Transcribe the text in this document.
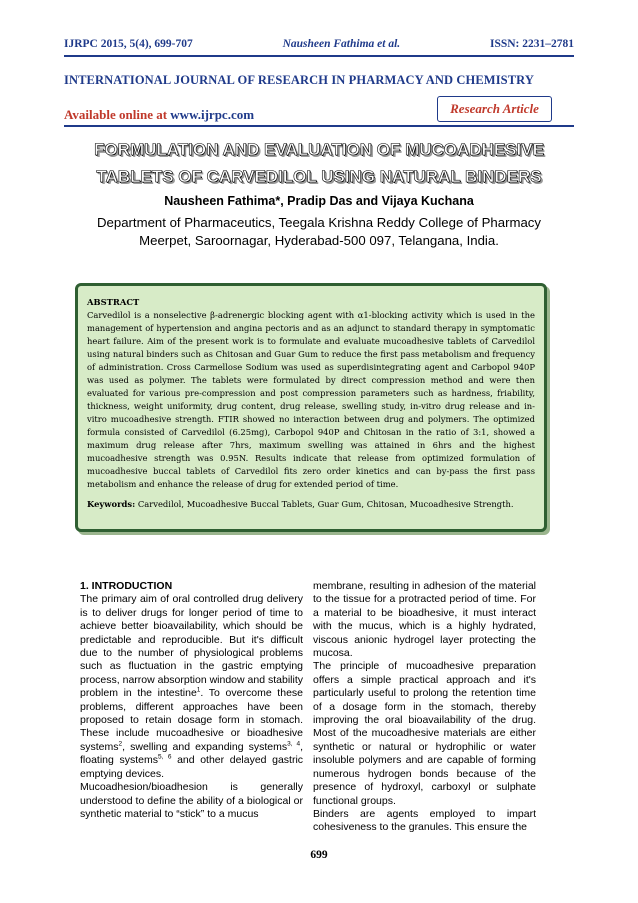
IJRPC 2015, 5(4), 699-707	Nausheen Fathima et al.	ISSN: 2231–2781
INTERNATIONAL JOURNAL OF RESEARCH IN PHARMACY AND CHEMISTRY
Available online at www.ijrpc.com	Research Article
FORMULATION AND EVALUATION OF MUCOADHESIVE
TABLETS OF CARVEDILOL USING NATURAL BINDERS
Nausheen Fathima*, Pradip Das and Vijaya Kuchana
Department of Pharmaceutics, Teegala Krishna Reddy College of Pharmacy
Meerpet, Saroornagar, Hyderabad-500 097, Telangana, India.
ABSTRACT
Carvedilol is a nonselective β-adrenergic blocking agent with α1-blocking activity which is used in the management of hypertension and angina pectoris and as an adjunct to standard therapy in symptomatic heart failure. Aim of the present work is to formulate and evaluate mucoadhesive tablets of Carvedilol using natural binders such as Chitosan and Guar Gum to reduce the first pass metabolism and frequency of administration. Cross Carmellose Sodium was used as superdisintegrating agent and Carbopol 940P was used as polymer. The tablets were formulated by direct compression method and were then evaluated for various pre-compression and post compression parameters such as hardness, friability, thickness, weight uniformity, drug content, drug release, swelling study, in-vitro drug release and in-vitro mucoadhesive strength. FTIR showed no interaction between drug and polymers. The optimized formula consisted of Carvedilol (6.25mg), Carbopol 940P and Chitosan in the ratio of 3:1, showed a maximum drug release after 7hrs, maximum swelling was attained in 6hrs and the highest mucoadhesive strength was 0.95N. Results indicate that release from optimized formulation of mucoadhesive buccal tablets of Carvedilol fits zero order kinetics and can by-pass the first pass metabolism and enhance the release of drug for extended period of time.
Keywords: Carvedilol, Mucoadhesive Buccal Tablets, Guar Gum, Chitosan, Mucoadhesive Strength.

1. INTRODUCTION

The primary aim of oral controlled drug delivery is to deliver drugs for longer period of time to achieve better bioavailability, which should be predictable and reproducible. But it's difficult due to the number of physiological problems such as fluctuation in the gastric emptying process, narrow absorption window and stability problem in the intestine$^1$. To overcome these problems, different approaches have been proposed to retain dosage form in stomach. These include mucoadhesive or bioadhesive systems$^2$, swelling and expanding systems$^{3, 4}$, floating systems$^{5, 6}$ and other delayed gastric emptying devices.

Mucoadhesion/bioadhesion is generally understood to define the ability of a biological or synthetic material to “stick” to a mucus

membrane, resulting in adhesion of the material to the tissue for a protracted period of time. For a material to be bioadhesive, it must interact with the mucus, which is a highly hydrated, viscous anionic hydrogel layer protecting the mucosa.

The principle of mucoadhesive preparation offers a simple practical approach and it's particularly useful to prolong the retention time of a dosage form in the stomach, thereby improving the oral bioavailability of the drug. Most of the mucoadhesive materials are either synthetic or natural or hydrophilic or water insoluble polymers and are capable of forming numerous hydrogen bonds because of the presence of hydroxyl, carboxyl or sulphate functional groups.

Binders are agents employed to impart cohesiveness to the granules. This ensure the

699
